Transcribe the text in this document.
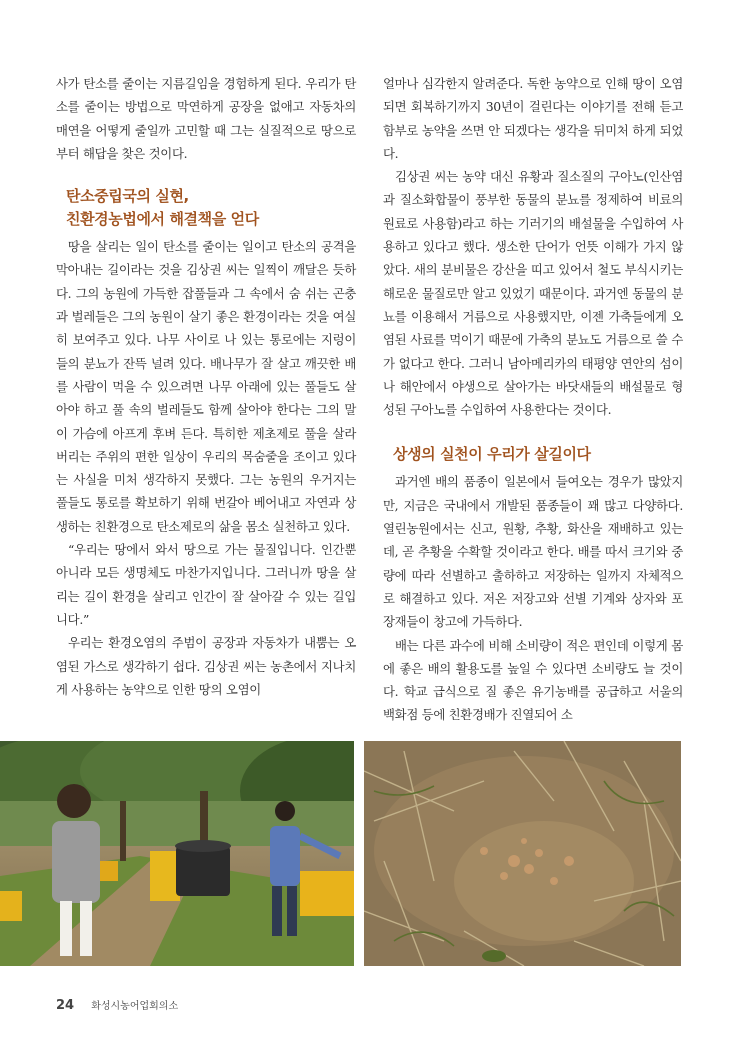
사가 탄소를 줄이는 지름길임을 경험하게 된다. 우리가 탄소를 줄이는 방법으로 막연하게 공장을 없애고 자동차의 매연을 어떻게 줄일까 고민할 때 그는 실질적으로 땅으로부터 해답을 찾은 것이다.

탄소중립국의 실현,
친환경농법에서 해결책을 얻다

땅을 살리는 일이 탄소를 줄이는 일이고 탄소의 공격을 막아내는 길이라는 것을 김상권 씨는 일찍이 깨달은 듯하다. 그의 농원에 가득한 잡풀들과 그 속에서 숨 쉬는 곤충과 벌레들은 그의 농원이 살기 좋은 환경이라는 것을 여실히 보여주고 있다. 나무 사이로 나 있는 통로에는 지렁이들의 분뇨가 잔뜩 널려 있다. 배나무가 잘 살고 깨끗한 배를 사람이 먹을 수 있으려면 나무 아래에 있는 풀들도 살아야 하고 풀 속의 벌레들도 함께 살아야 한다는 그의 말이 가슴에 아프게 후벼 든다. 특히한 제초제로 풀을 살라버리는 주위의 편한 일상이 우리의 목숨줄을 조이고 있다는 사실을 미처 생각하지 못했다. 그는 농원의 우거지는 풀들도 통로를 확보하기 위해 번갈아 베어내고 자연과 상생하는 친환경으로 탄소제로의 삶을 몸소 실천하고 있다.

“우리는 땅에서 와서 땅으로 가는 물질입니다. 인간뿐 아니라 모든 생명체도 마찬가지입니다. 그러니까 땅을 살리는 길이 환경을 살리고 인간이 잘 살아갈 수 있는 길입니다.”

우리는 환경오염의 주범이 공장과 자동차가 내뿜는 오염된 가스로 생각하기 쉽다. 김상권 씨는 농촌에서 지나치게 사용하는 농약으로 인한 땅의 오염이

얼마나 심각한지 알려준다. 독한 농약으로 인해 땅이 오염되면 회복하기까지 30년이 걸린다는 이야기를 전해 듣고 함부로 농약을 쓰면 안 되겠다는 생각을 뒤미처 하게 되었다.

김상권 씨는 농약 대신 유황과 질소질의 구아노(인산염과 질소화합물이 풍부한 동물의 분뇨를 정제하여 비료의 원료로 사용함)라고 하는 기러기의 배설물을 수입하여 사용하고 있다고 했다. 생소한 단어가 언뜻 이해가 가지 않았다. 새의 분비물은 강산을 띠고 있어서 철도 부식시키는 해로운 물질로만 알고 있었기 때문이다. 과거엔 동물의 분뇨를 이용해서 거름으로 사용했지만, 이젠 가축들에게 오염된 사료를 먹이기 때문에 가축의 분뇨도 거름으로 쓸 수가 없다고 한다. 그러니 남아메리카의 태평양 연안의 섬이나 해안에서 야생으로 살아가는 바닷새들의 배설물로 형성된 구아노를 수입하여 사용한다는 것이다.

상생의 실천이 우리가 살길이다

과거엔 배의 품종이 일본에서 들여오는 경우가 많았지만, 지금은 국내에서 개발된 품종들이 꽤 많고 다양하다. 열린농원에서는 신고, 원황, 추황, 화산을 재배하고 있는데, 곧 추황을 수확할 것이라고 한다. 배를 따서 크기와 중량에 따라 선별하고 출하하고 저장하는 일까지 자체적으로 해결하고 있다. 저온 저장고와 선별 기계와 상자와 포장재들이 창고에 가득하다.

배는 다른 과수에 비해 소비량이 적은 편인데 이렇게 몸에 좋은 배의 활용도를 높일 수 있다면 소비량도 늘 것이다. 학교 급식으로 질 좋은 유기농배를 공급하고 서울의 백화점 등에 친환경배가 진열되어 소

24 화성시농어업회의소
